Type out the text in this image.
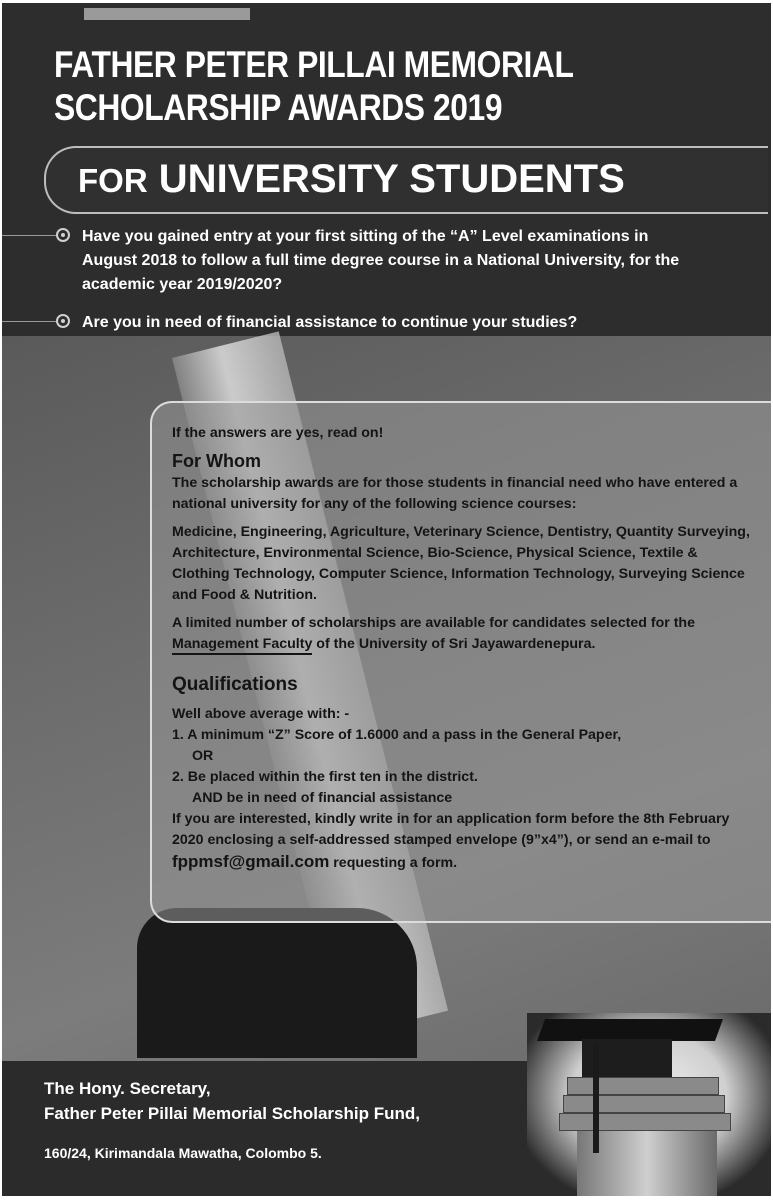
FATHER PETER PILLAI MEMORIAL
SCHOLARSHIP AWARDS 2019

FOR UNIVERSITY STUDENTS

Have you gained entry at your first sitting of the “A” Level examinations in August 2018 to follow a full time degree course in a National University, for the academic year 2019/2020?

Are you in need of financial assistance to continue your studies?

If the answers are yes, read on!

For Whom

The scholarship awards are for those students in financial need who have entered a national university for any of the following science courses:

Medicine, Engineering, Agriculture, Veterinary Science, Dentistry, Quantity Surveying, Architecture, Environmental Science, Bio-Science, Physical Science, Textile & Clothing Technology, Computer Science, Information Technology, Surveying Science and Food & Nutrition.

A limited number of scholarships are available for candidates selected for the Management Faculty of the University of Sri Jayawardenepura.

Qualifications

Well above average with: -

1. A minimum “Z” Score of 1.6000 and a pass in the General Paper,

OR

2. Be placed within the first ten in the district.

AND be in need of financial assistance

If you are interested, kindly write in for an application form before the 8th February 2020 enclosing a self-addressed stamped envelope (9”x4”), or send an e-mail to

fppmsf@gmail.com requesting a form.

The Hony. Secretary,
Father Peter Pillai Memorial Scholarship Fund,

160/24, Kirimandala Mawatha, Colombo 5.
